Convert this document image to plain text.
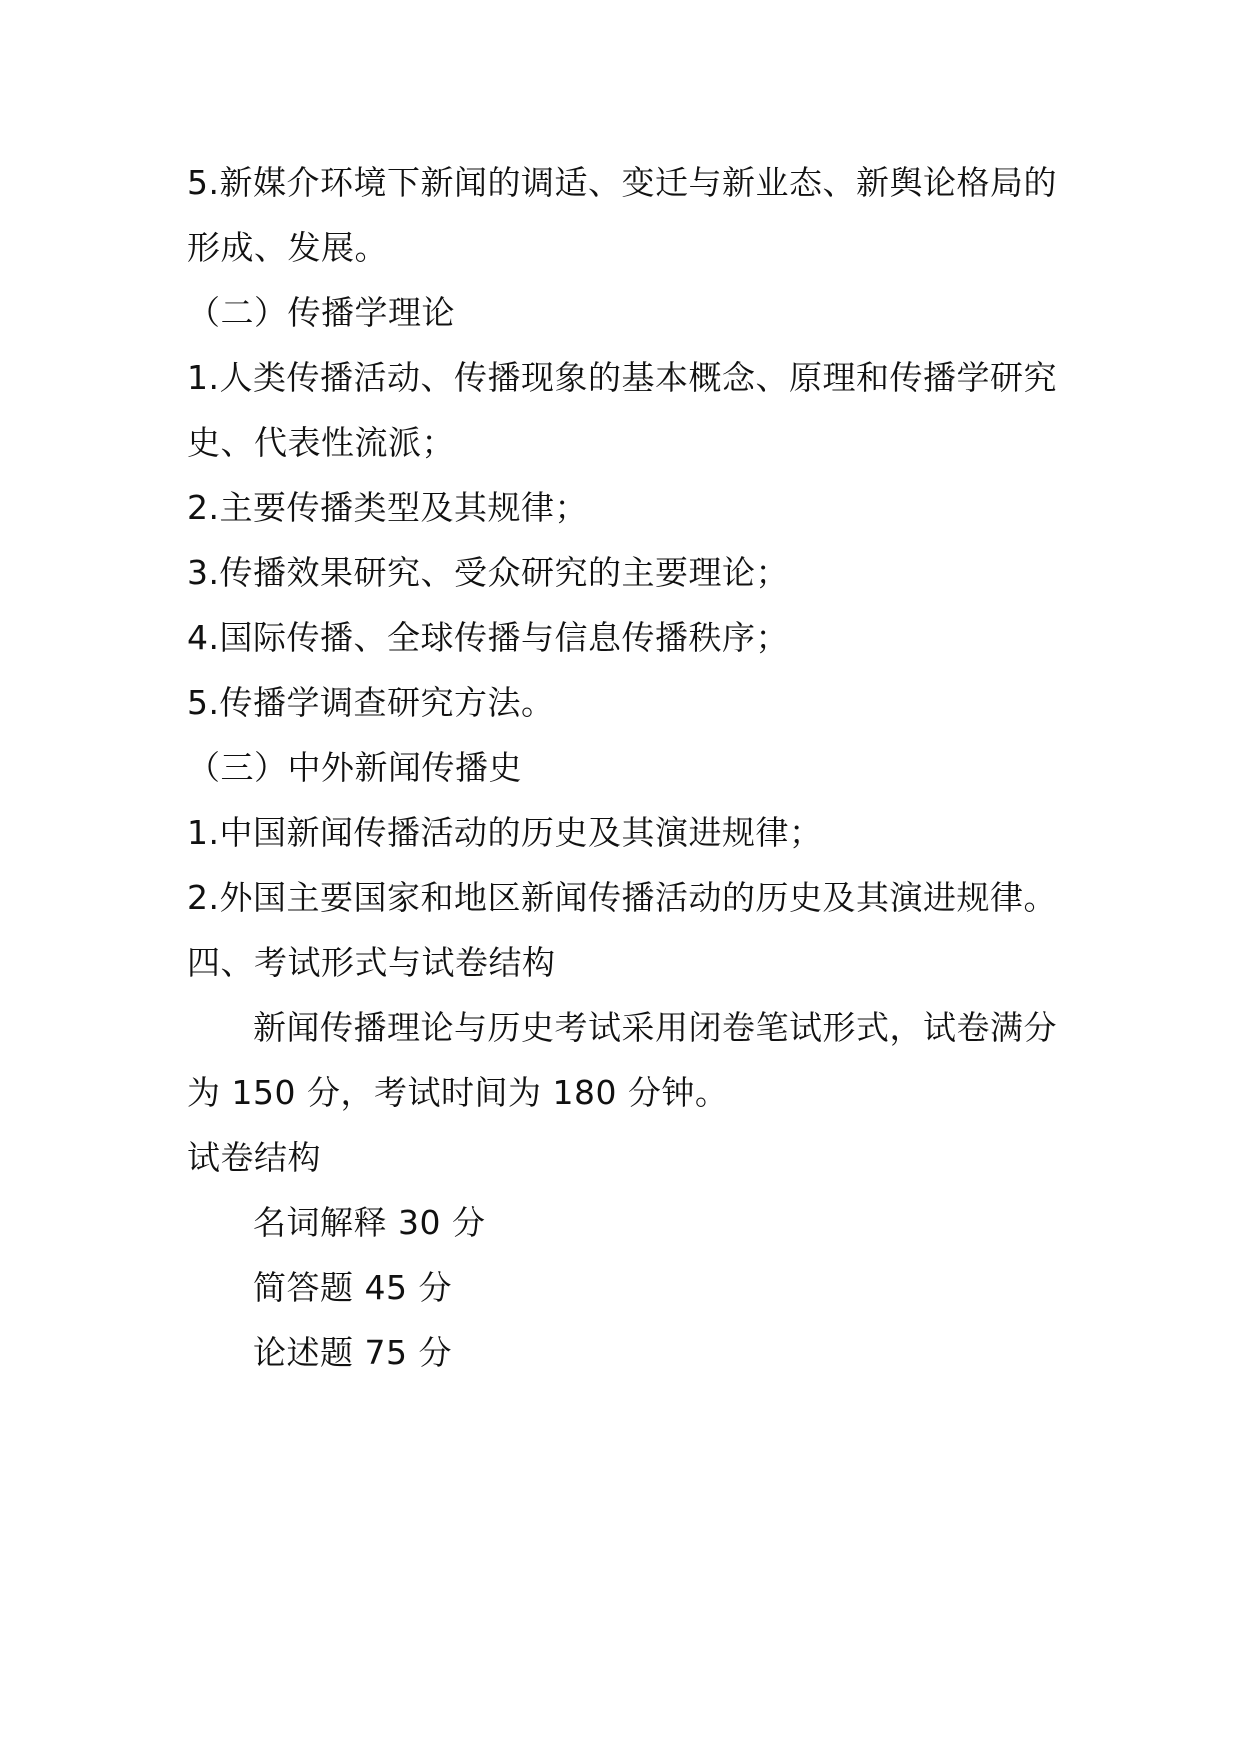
5.新媒介环境下新闻的调适、变迁与新业态、新舆论格局的
形成、发展。
（二）传播学理论
1.人类传播活动、传播现象的基本概念、原理和传播学研究
史、代表性流派；
2.主要传播类型及其规律；
3.传播效果研究、受众研究的主要理论；
4.国际传播、全球传播与信息传播秩序；
5.传播学调查研究方法。
（三）中外新闻传播史
1.中国新闻传播活动的历史及其演进规律；
2.外国主要国家和地区新闻传播活动的历史及其演进规律。
四、考试形式与试卷结构
新闻传播理论与历史考试采用闭卷笔试形式，试卷满分
为 150 分，考试时间为 180 分钟。
试卷结构
名词解释 30 分
简答题 45 分
论述题 75 分
